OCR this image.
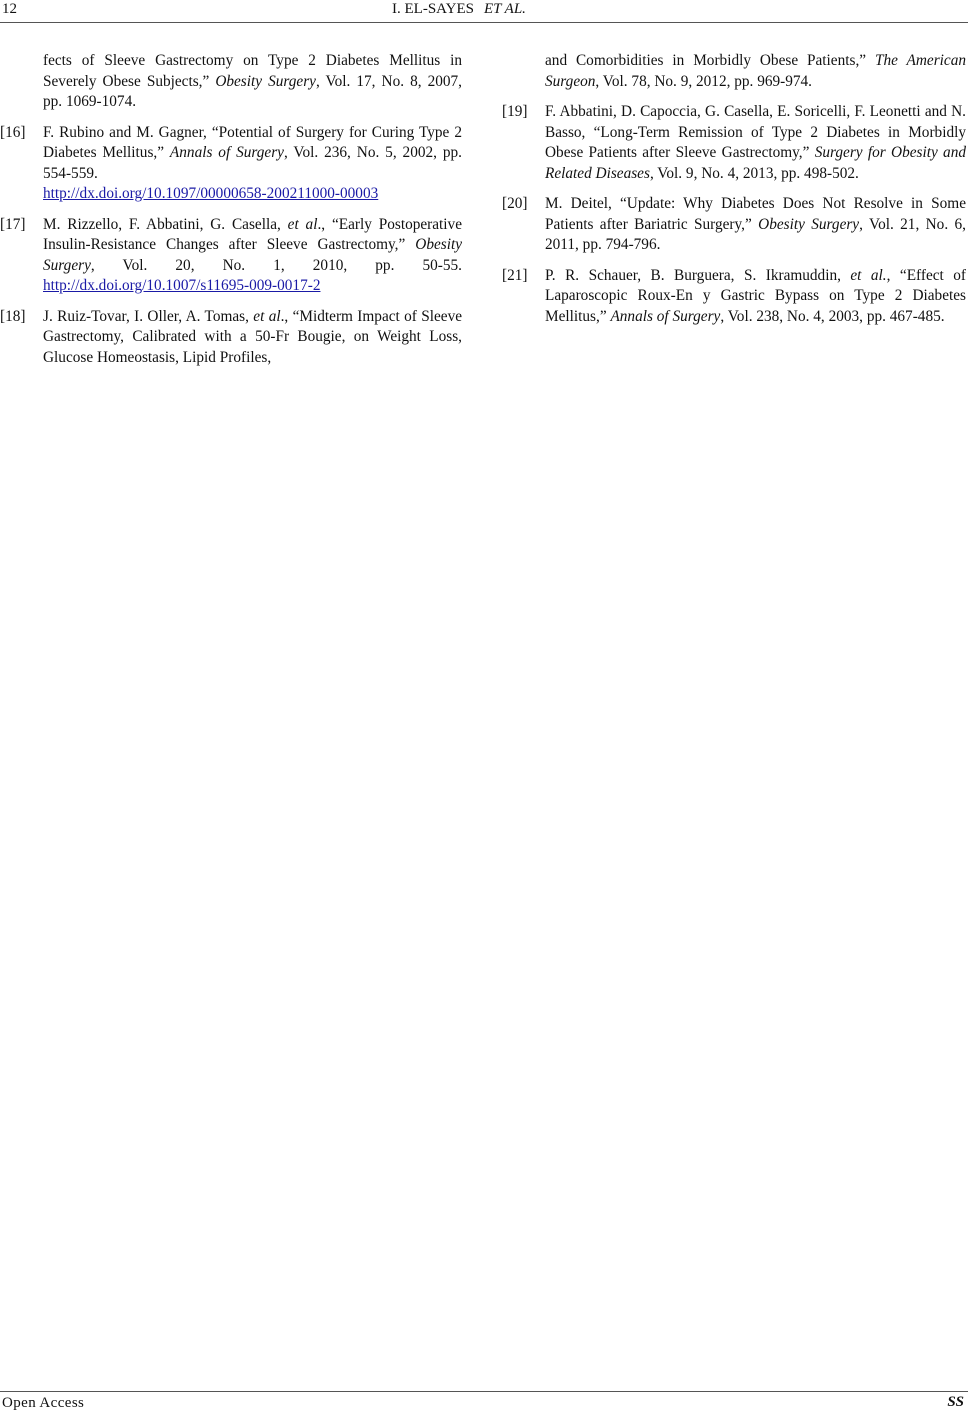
12	I. EL-SAYES ET AL.
fects of Sleeve Gastrectomy on Type 2 Diabetes Mellitus in Severely Obese Subjects,” Obesity Surgery, Vol. 17, No. 8, 2007, pp. 1069-1074.
[16] F. Rubino and M. Gagner, “Potential of Surgery for Curing Type 2 Diabetes Mellitus,” Annals of Surgery, Vol. 236, No. 5, 2002, pp. 554-559.
http://dx.doi.org/10.1097/00000658-200211000-00003
[17] M. Rizzello, F. Abbatini, G. Casella, et al., “Early Postoperative Insulin-Resistance Changes after Sleeve Gastrectomy,” Obesity Surgery, Vol. 20, No. 1, 2010, pp. 50-55. http://dx.doi.org/10.1007/s11695-009-0017-2
[18] J. Ruiz-Tovar, I. Oller, A. Tomas, et al., “Midterm Impact of Sleeve Gastrectomy, Calibrated with a 50-Fr Bougie, on Weight Loss, Glucose Homeostasis, Lipid Profiles,
and Comorbidities in Morbidly Obese Patients,” The American Surgeon, Vol. 78, No. 9, 2012, pp. 969-974.
[19] F. Abbatini, D. Capoccia, G. Casella, E. Soricelli, F. Leonetti and N. Basso, “Long-Term Remission of Type 2 Diabetes in Morbidly Obese Patients after Sleeve Gastrectomy,” Surgery for Obesity and Related Diseases, Vol. 9, No. 4, 2013, pp. 498-502.
[20] M. Deitel, “Update: Why Diabetes Does Not Resolve in Some Patients after Bariatric Surgery,” Obesity Surgery, Vol. 21, No. 6, 2011, pp. 794-796.
[21] P. R. Schauer, B. Burguera, S. Ikramuddin, et al., “Effect of Laparoscopic Roux-En y Gastric Bypass on Type 2 Diabetes Mellitus,” Annals of Surgery, Vol. 238, No. 4, 2003, pp. 467-485.
Open Access	SS
